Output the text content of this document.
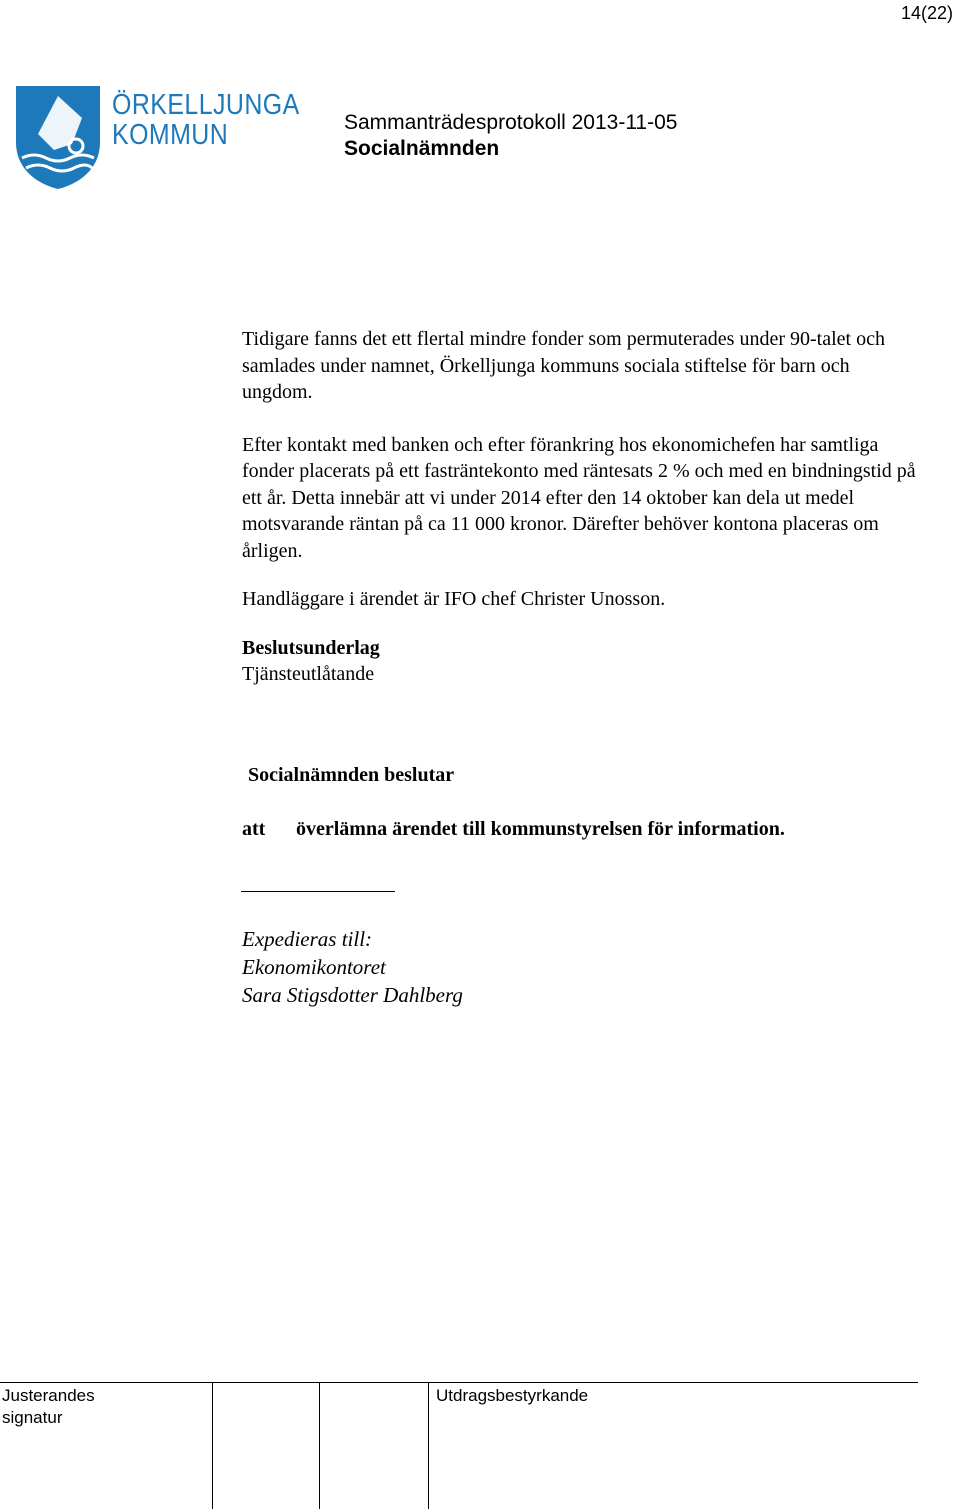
14(22)
ÖRKELLJUNGA
KOMMUN	Sammanträdesprotokoll 2013-11-05
Socialnämnden

Tidigare fanns det ett flertal mindre fonder som permuterades under 90-talet och samlades under namnet, Örkelljunga kommuns sociala stiftelse för barn och ungdom.

Efter kontakt med banken och efter förankring hos ekonomichefen har samtliga fonder placerats på ett fasträntekonto med räntesats 2 % och med en bindningstid på ett år. Detta innebär att vi under 2014 efter den 14 oktober kan dela ut medel motsvarande räntan på ca 11 000 kronor. Därefter behöver kontona placeras om årligen.

Handläggare i ärendet är IFO chef Christer Unosson.

Beslutsunderlag

Tjänsteutlåtande

Socialnämnden beslutar
att överlämna ärendet till kommunstyrelsen för information.
Expedieras till:
Ekonomikontoret
Sara Stigsdotter Dahlberg
Justerandes
signatur
Utdragsbestyrkande
